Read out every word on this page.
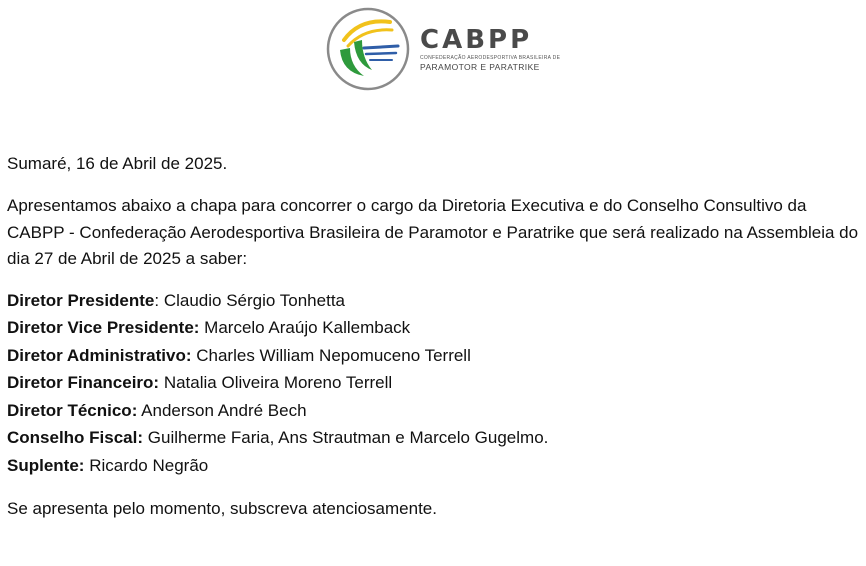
CABPP
CONFEDERAÇÃO AERODESPORTIVA BRASILEIRA DE
PARAMOTOR E PARATRIKE

Sumaré, 16 de Abril de 2025.

Apresentamos abaixo a chapa para concorrer o cargo da Diretoria Executiva e do Conselho Consultivo da CABPP - Confederação Aerodesportiva Brasileira de Paramotor e Paratrike que será realizado na Assembleia do dia 27 de Abril de 2025 a saber:

Diretor Presidente: Claudio Sérgio Tonhetta
Diretor Vice Presidente: Marcelo Araújo Kallemback
Diretor Administrativo: Charles William Nepomuceno Terrell
Diretor Financeiro: Natalia Oliveira Moreno Terrell
Diretor Técnico: Anderson André Bech
Conselho Fiscal: Guilherme Faria, Ans Strautman e Marcelo Gugelmo.
Suplente: Ricardo Negrão

Se apresenta pelo momento, subscreva atenciosamente.
